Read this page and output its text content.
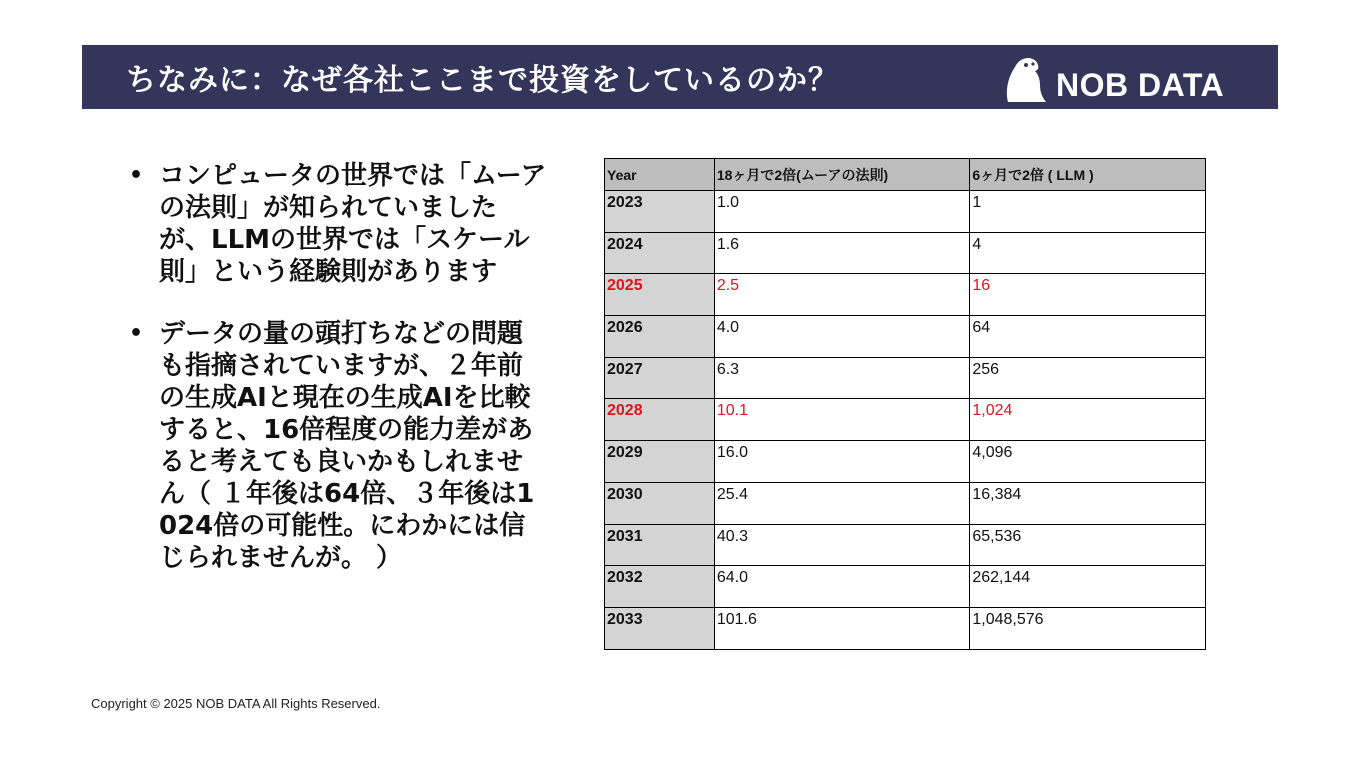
ちなみに：なぜ各社ここまで投資をしているのか？	NOB DATA
• コンピュータの世界では「ムーアの法則」が知られていましたが、LLMの世界では「スケール則」という経験則があります
• データの量の頭打ちなどの問題も指摘されていますが、２年前の生成AIと現在の生成AIを比較すると、16倍程度の能力差があると考えても良いかもしれません（ １年後は64倍、３年後は1024倍の可能性。にわかには信じられませんが。 ）
Year	18ヶ月で2倍(ムーアの法則)	6ヶ月で2倍 ( LLM )
2023	1.0	1
2024	1.6	4
2025	2.5	16
2026	4.0	64
2027	6.3	256
2028	10.1	1,024
2029	16.0	4,096
2030	25.4	16,384
2031	40.3	65,536
2032	64.0	262,144
2033	101.6	1,048,576
Copyright © 2025 NOB DATA All Rights Reserved.
